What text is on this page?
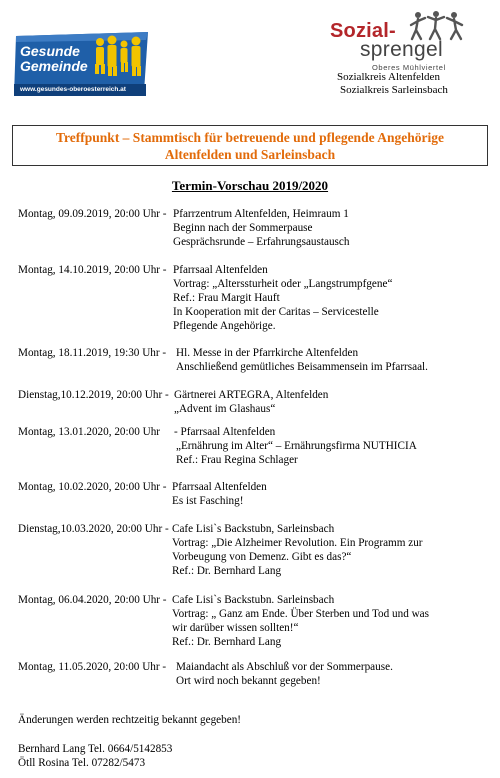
Gesunde
Gemeinde
www.gesundes-oberoesterreich.at
Sozial-
sprengel
Oberes Mühlviertel
Sozialkreis Altenfelden
Sozialkreis Sarleinsbach
Treffpunkt – Stammtisch für betreuende und pflegende Angehörige
Altenfelden und Sarleinsbach
Termin-Vorschau 2019/2020
Montag, 09.09.2019, 20:00 Uhr - Pfarrzentrum Altenfelden, Heimraum 1
Beginn nach der Sommerpause
Gesprächsrunde – Erfahrungsaustausch
Montag, 14.10.2019, 20:00 Uhr - Pfarrsaal Altenfelden
Vortrag: „Alterssturheit oder „Langstrumpfgene“
Ref.: Frau Margit Hauft
In Kooperation mit der Caritas – Servicestelle
Pflegende Angehörige.
Montag, 18.11.2019, 19:30 Uhr - Hl. Messe in der Pfarrkirche Altenfelden
Anschließend gemütliches Beisammensein im Pfarrsaal.
Dienstag,10.12.2019, 20:00 Uhr - Gärtnerei ARTEGRA, Altenfelden
„Advent im Glashaus“
Montag, 13.01.2020, 20:00 Uhr - Pfarrsaal Altenfelden
„Ernährung im Alter“ – Ernährungsfirma NUTHICIA
Ref.: Frau Regina Schlager
Montag, 10.02.2020, 20:00 Uhr - Pfarrsaal Altenfelden
Es ist Fasching!
Dienstag,10.03.2020, 20:00 Uhr - Cafe Lisi`s Backstubn, Sarleinsbach
Vortrag: „Die Alzheimer Revolution. Ein Programm zur
Vorbeugung von Demenz. Gibt es das?“
Ref.: Dr. Bernhard Lang
Montag, 06.04.2020, 20:00 Uhr - Cafe Lisi`s Backstubn. Sarleinsbach
Vortrag: „ Ganz am Ende. Über Sterben und Tod und was
wir darüber wissen sollten!“
Ref.: Dr. Bernhard Lang
Montag, 11.05.2020, 20:00 Uhr - Maiandacht als Abschluß vor der Sommerpause.
Ort wird noch bekannt gegeben!
Änderungen werden rechtzeitig bekannt gegeben!
Bernhard Lang Tel. 0664/5142853
Ötll Rosina Tel. 07282/5473
